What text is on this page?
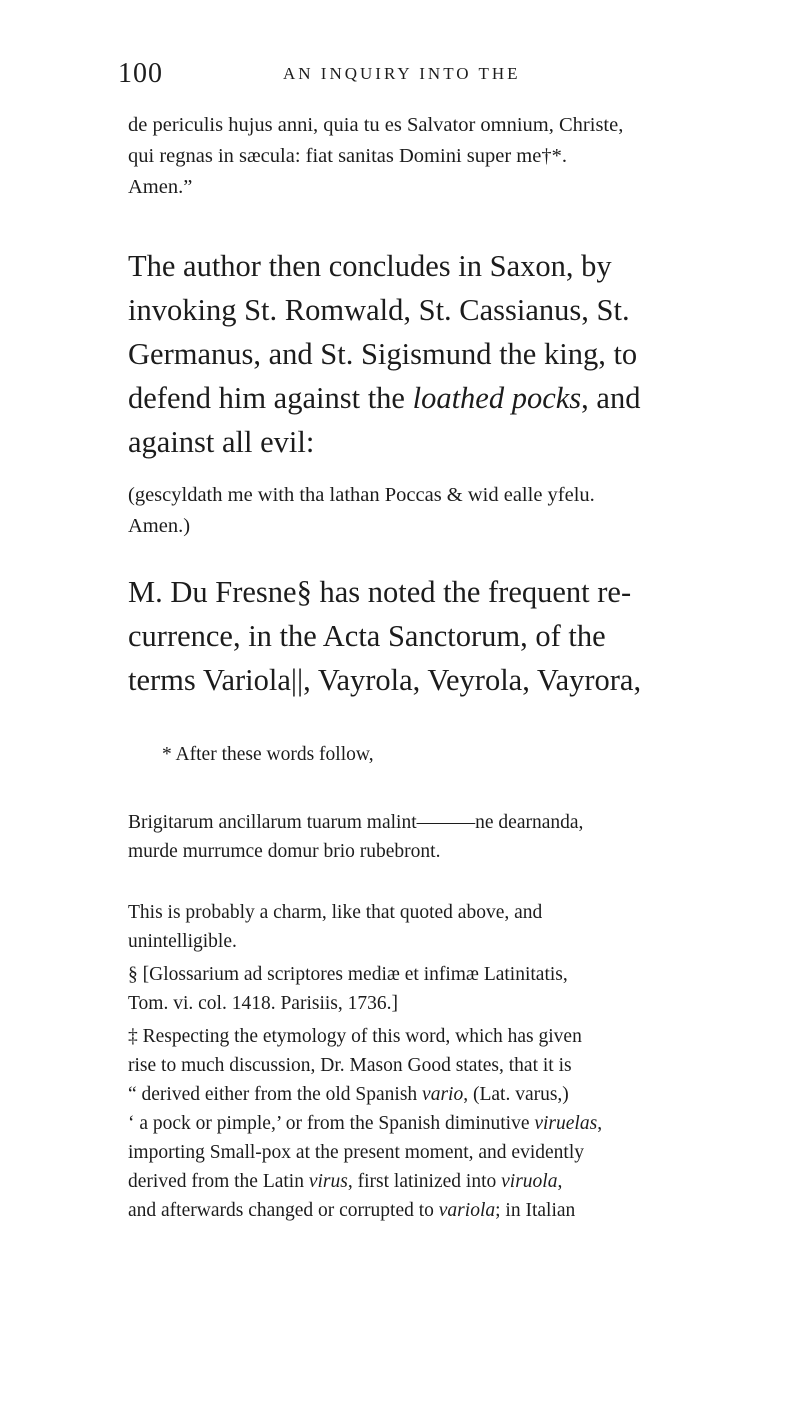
100	AN INQUIRY INTO THE
de periculis hujus anni, quia tu es Salvator omnium, Christe,
qui regnas in sæcula: fiat sanitas Domini super me†*.
Amen.”
The author then concludes in Saxon, by
invoking St. Romwald, St. Cassianus, St.
Germanus, and St. Sigismund the king, to
defend him against the loathed pocks, and
against all evil:
(gescyldath me with tha lathan Poccas & wid ealle yfelu.
Amen.)
M. Du Fresne§ has noted the frequent re-
currence, in the Acta Sanctorum, of the
terms Variola||, Vayrola, Veyrola, Vayrora,
* After these words follow,
Brigitarum ancillarum tuarum malint———ne dearnanda,
murde murrumce domur brio rubebront.
This is probably a charm, like that quoted above, and
unintelligible.
§ [Glossarium ad scriptores mediæ et infimæ Latinitatis,
Tom. vi. col. 1418. Parisiis, 1736.]
‡ Respecting the etymology of this word, which has given
rise to much discussion, Dr. Mason Good states, that it is
“ derived either from the old Spanish vario, (Lat. varus,)
‘ a pock or pimple,’ or from the Spanish diminutive viruelas,
importing Small-pox at the present moment, and evidently
derived from the Latin virus, first latinized into viruola,
and afterwards changed or corrupted to variola; in Italian
